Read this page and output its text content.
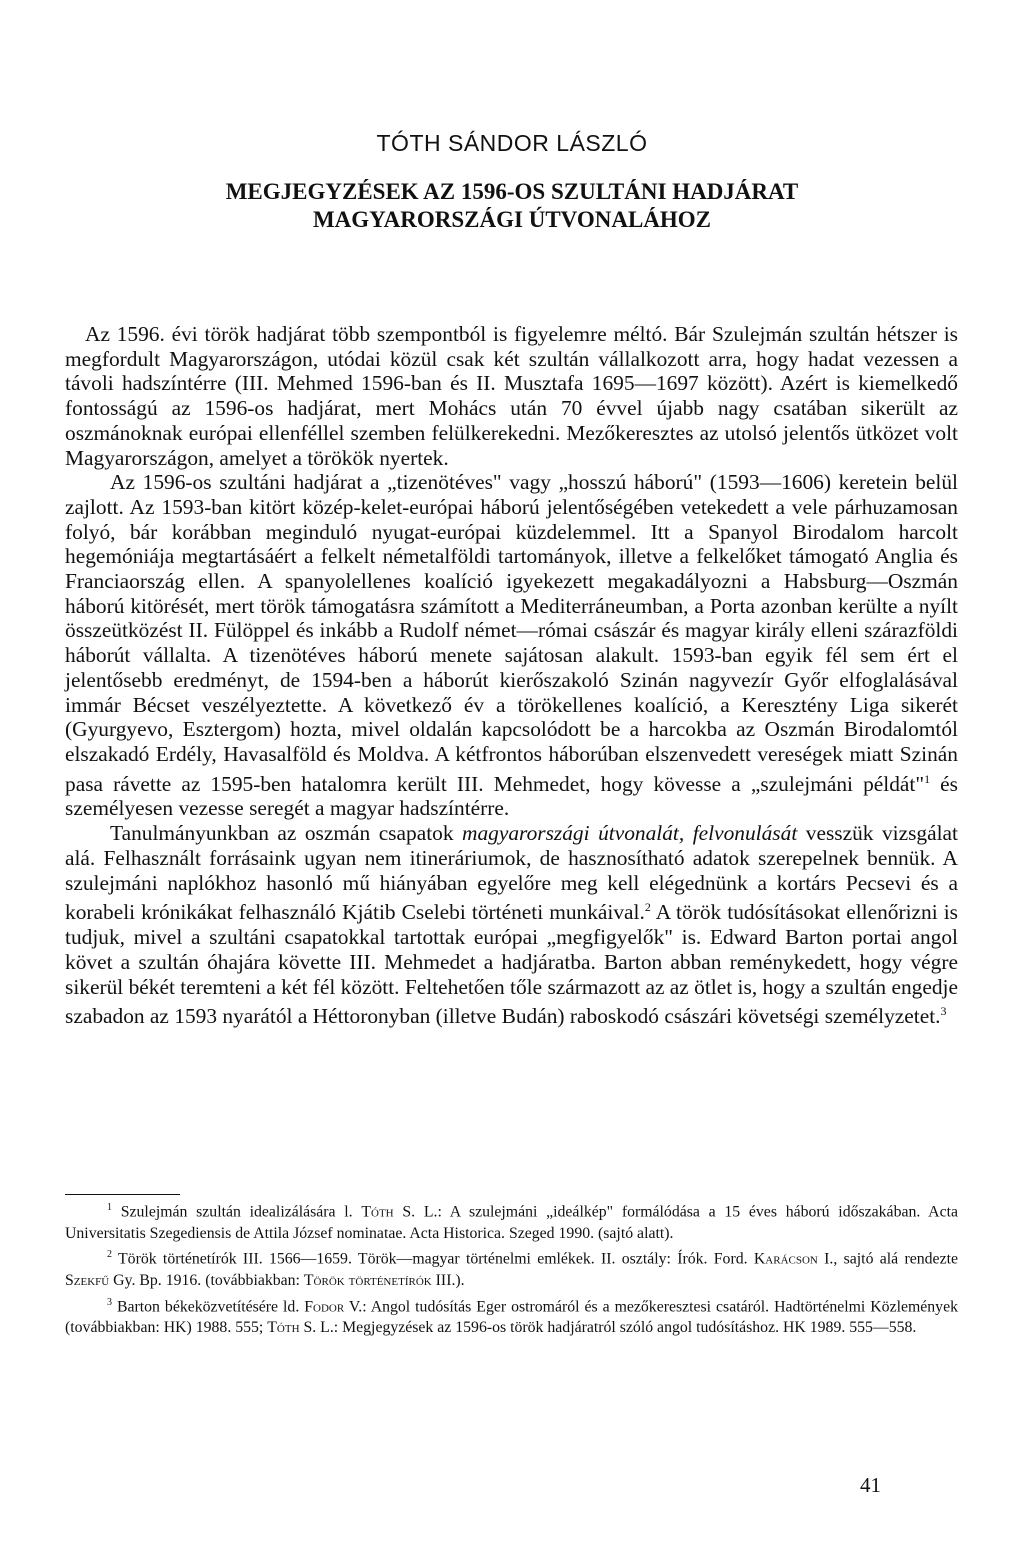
TÓTH SÁNDOR LÁSZLÓ
MEGJEGYZÉSEK AZ 1596-OS SZULTÁNI HADJÁRAT
MAGYARORSZÁGI ÚTVONALÁHOZ

Az 1596. évi török hadjárat több szempontból is figyelemre méltó. Bár Szulejmán szultán hétszer is megfordult Magyarországon, utódai közül csak két szultán vállalkozott arra, hogy hadat vezessen a távoli hadszíntérre (III. Mehmed 1596-ban és II. Musztafa 1695—1697 között). Azért is kiemelkedő fontosságú az 1596-os hadjárat, mert Mohács után 70 évvel újabb nagy csatában sikerült az oszmánoknak európai ellenféllel szemben felülkerekedni. Mezőkeresztes az utolsó jelentős ütközet volt Magyarországon, amelyet a törökök nyertek.

Az 1596-os szultáni hadjárat a „tizenötéves" vagy „hosszú háború" (1593—1606) keretein belül zajlott. Az 1593-ban kitört közép-kelet-európai háború jelentőségében vetekedett a vele párhuzamosan folyó, bár korábban meginduló nyugat-európai küzdelemmel. Itt a Spanyol Birodalom harcolt hegemóniája megtartásáért a felkelt németalföldi tartományok, illetve a felkelőket támogató Anglia és Franciaország ellen. A spanyolellenes koalíció igyekezett megakadályozni a Habsburg—Oszmán háború kitörését, mert török támogatásra számított a Mediterráneumban, a Porta azonban kerülte a nyílt összeütközést II. Fülöppel és inkább a Rudolf német—római császár és magyar király elleni szárazföldi háborút vállalta. A tizenötéves háború menete sajátosan alakult. 1593-ban egyik fél sem ért el jelentősebb eredményt, de 1594-ben a háborút kierőszakoló Szinán nagyvezír Győr elfoglalásával immár Bécset veszélyeztette. A következő év a törökellenes koalíció, a Keresztény Liga sikerét (Gyurgyevo, Esztergom) hozta, mivel oldalán kapcsolódott be a harcokba az Oszmán Birodalomtól elszakadó Erdély, Havasalföld és Moldva. A kétfrontos háborúban elszenvedett vereségek miatt Szinán pasa rávette az 1595-ben hatalomra került III. Mehmedet, hogy kövesse a „szulejmáni példát"$^1$ és személyesen vezesse seregét a magyar hadszíntérre.

Tanulmányunkban az oszmán csapatok magyarországi útvonalát, felvonulását vesszük vizsgálat alá. Felhasznált forrásaink ugyan nem itineráriumok, de hasznosítható adatok szerepelnek bennük. A szulejmáni naplókhoz hasonló mű hiányában egyelőre meg kell elégednünk a kortárs Pecsevi és a korabeli krónikákat felhasználó Kjátib Cselebi történeti munkáival.$^2$ A török tudósításokat ellenőrizni is tudjuk, mivel a szultáni csapatokkal tartottak európai „megfigyelők" is. Edward Barton portai angol követ a szultán óhajára követte III. Mehmedet a hadjáratba. Barton abban reménykedett, hogy végre sikerül békét teremteni a két fél között. Feltehetően tőle származott az az ötlet is, hogy a szultán engedje szabadon az 1593 nyarától a Héttoronyban (illetve Budán) raboskodó császári követségi személyzetet.$^3$

$^1$ Szulejmán szultán idealizálására l. Tóth S. L.: A szulejmáni „ideálkép" formálódása a 15 éves háború időszakában. Acta Universitatis Szegediensis de Attila József nominatae. Acta Historica. Szeged 1990. (sajtó alatt).

$^2$ Török történetírók III. 1566—1659. Török—magyar történelmi emlékek. II. osztály: Írók. Ford. Karácson I., sajtó alá rendezte Szekfű Gy. Bp. 1916. (továbbiakban: Török történetírók III.).

$^3$ Barton békeközvetítésére ld. Fodor V.: Angol tudósítás Eger ostromáról és a mezőkeresztesi csatáról. Hadtörténelmi Közlemények (továbbiakban: HK) 1988. 555; Tóth S. L.: Megjegyzések az 1596-os török hadjáratról szóló angol tudósításhoz. HK 1989. 555—558.

41
